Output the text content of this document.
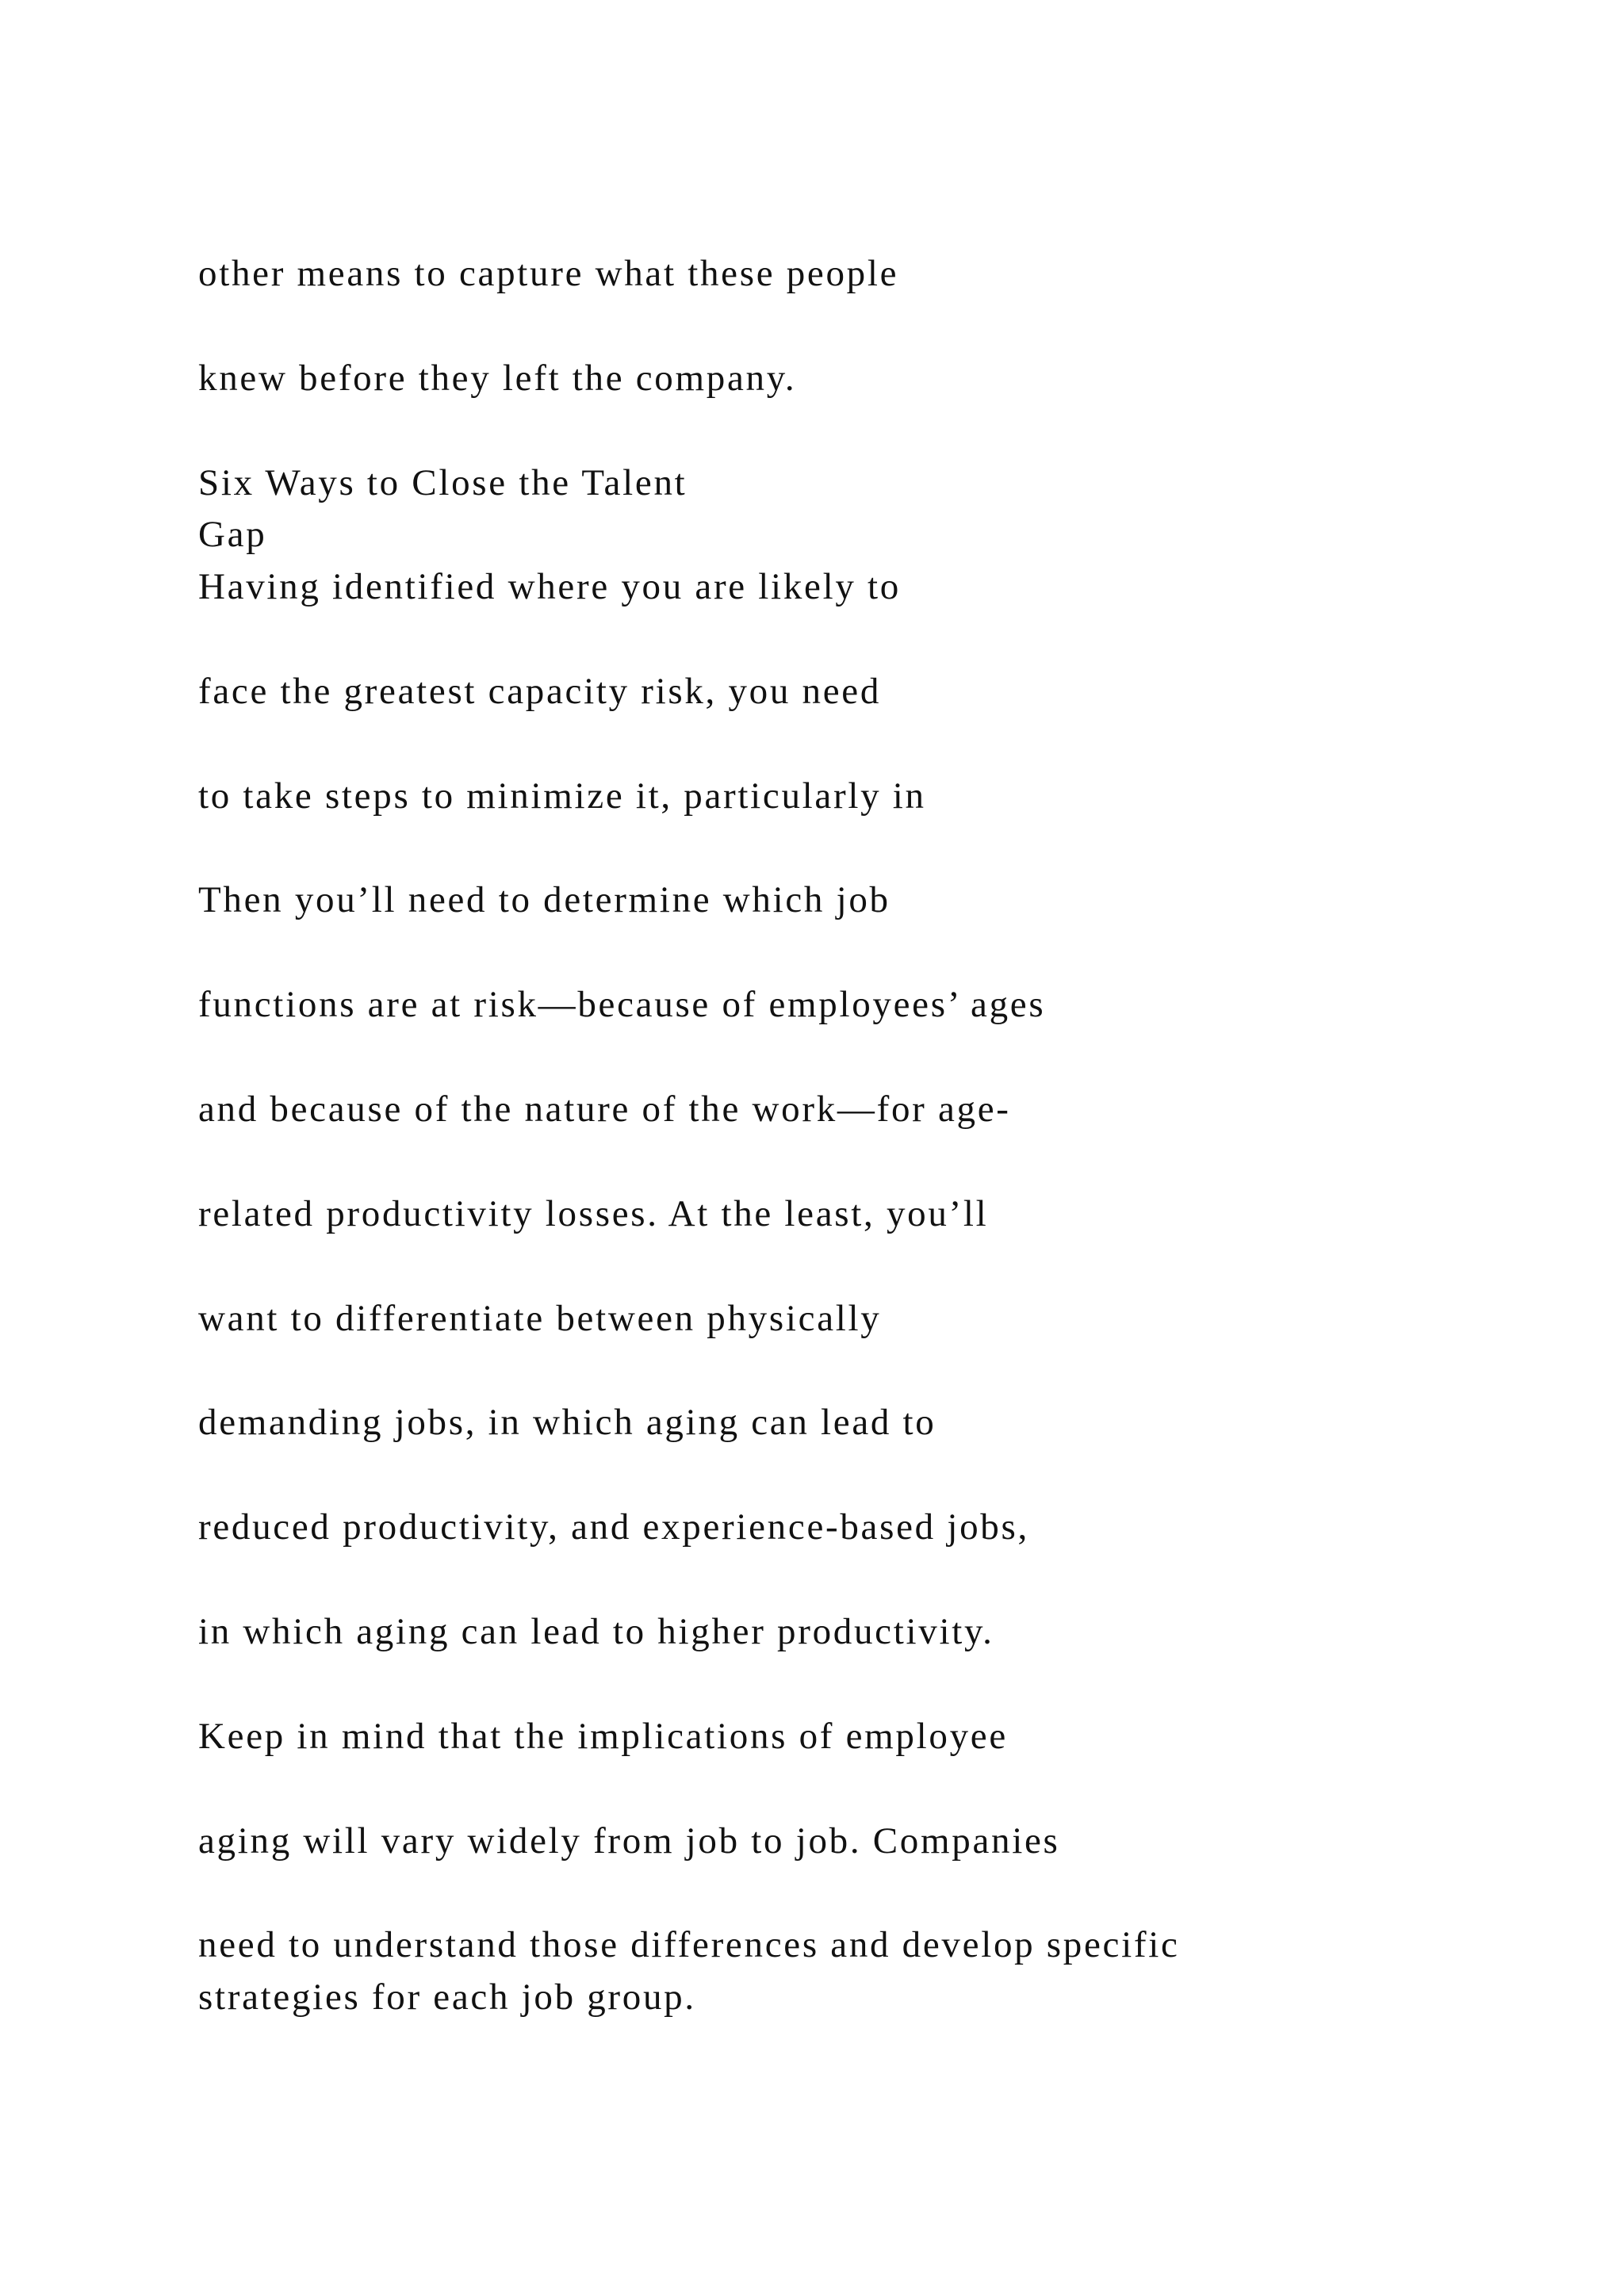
other means to capture what these people

knew before they left the company.

Six Ways to Close the Talent

Gap

Having identified where you are likely to

face the greatest capacity risk, you need

to take steps to minimize it, particularly in

Then you’ll need to determine which job

functions are at risk—because of employees’ ages

and because of the nature of the work—for age-

related productivity losses. At the least, you’ll

want to differentiate between physically

demanding jobs, in which aging can lead to

reduced productivity, and experience-based jobs,

in which aging can lead to higher productivity.

Keep in mind that the implications of employee

aging will vary widely from job to job. Companies

need to understand those differences and develop specific

strategies for each job group.
